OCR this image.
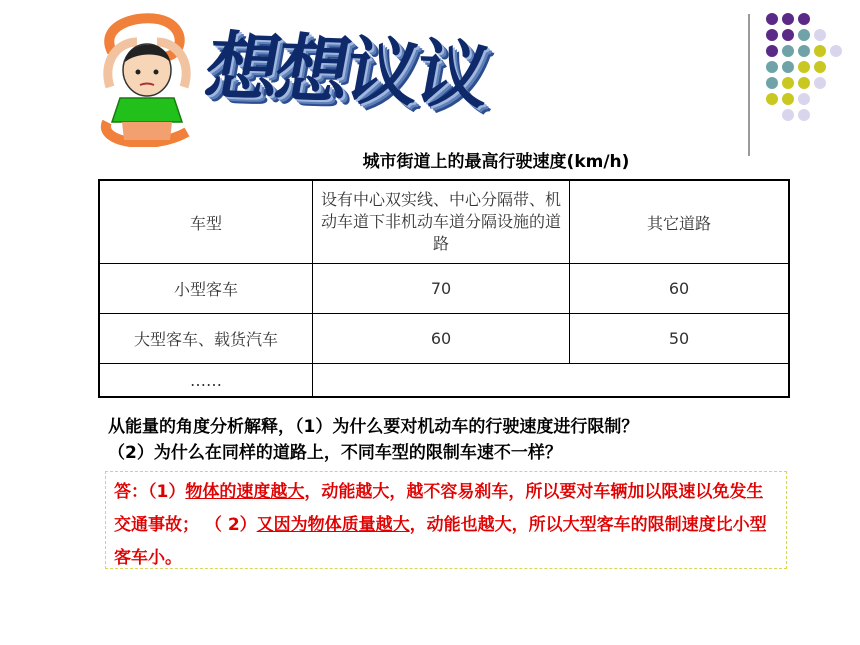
想想议议
城市街道上的最高行驶速度(km/h)
车型	设有中心双实线、中心分隔带、机动车道下非机动车道分隔设施的道路	其它道路
小型客车	70	60
大型客车、载货汽车	60	50
……		
从能量的角度分析解释，（1）为什么要对机动车的行驶速度进行限制？
（2）为什么在同样的道路上，不同车型的限制车速不一样？
答：（1）物体的速度越大，动能越大，越不容易刹车，所以要对车辆加以限速以免发生交通事故； （ 2）又因为物体质量越大，动能也越大，所以大型客车的限制速度比小型客车小。
